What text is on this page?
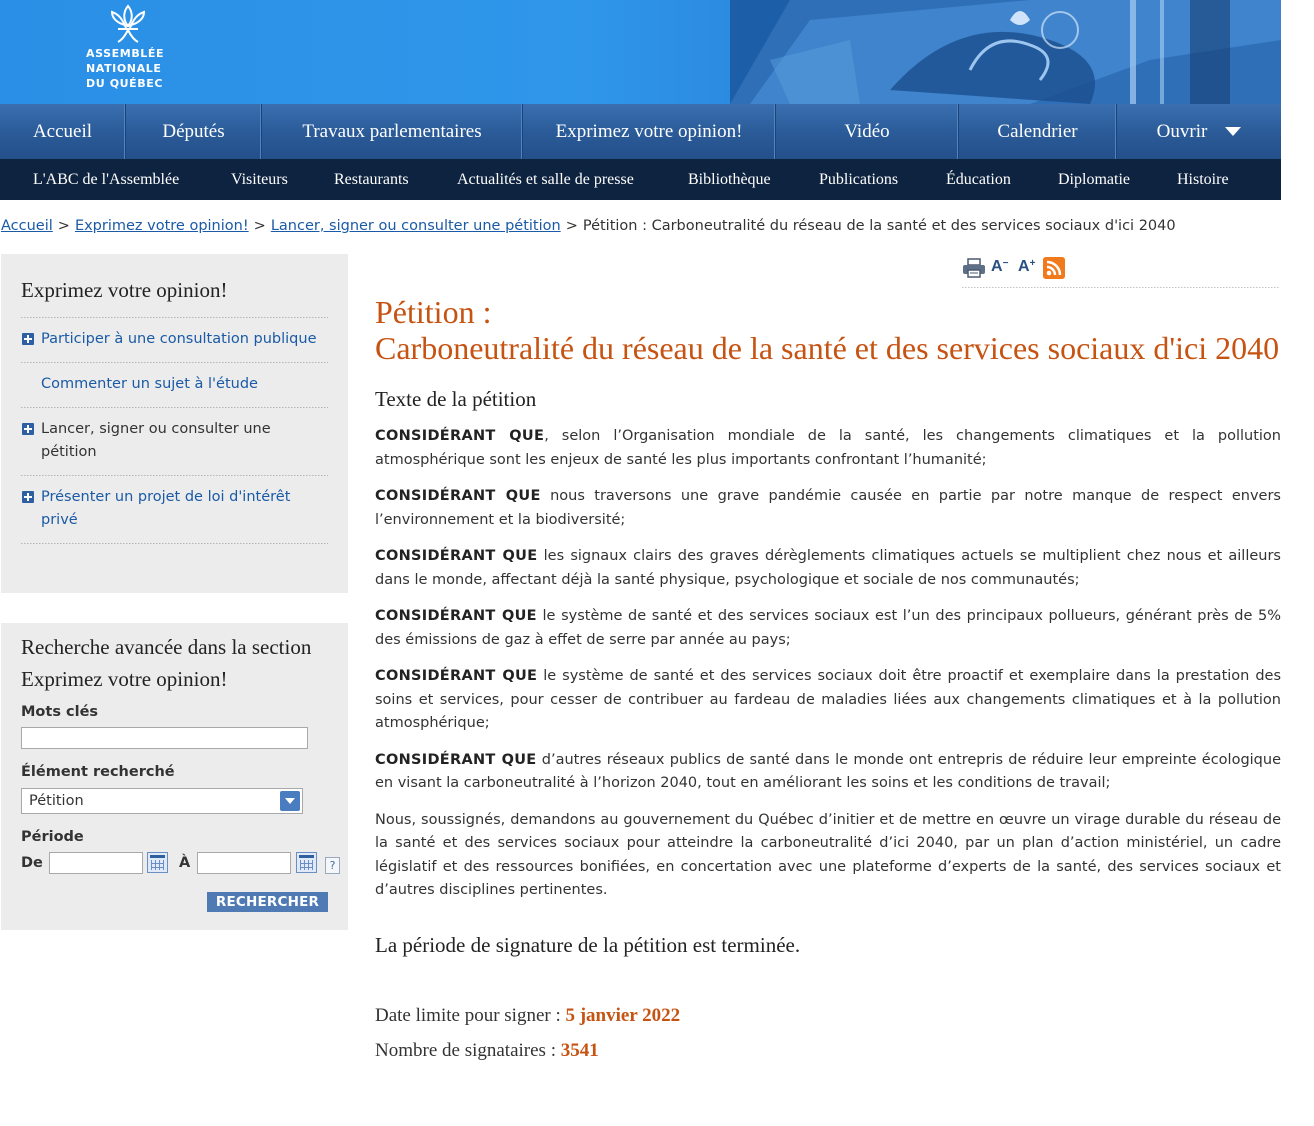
ASSEMBLÉE
NATIONALE
DU QUÉBEC
Accueil	Députés	Travaux parlementaires	Exprimez votre opinion!	Vidéo	Calendrier	Ouvrir
L'ABC de l'Assemblée	Visiteurs	Restaurants	Actualités et salle de presse	Bibliothèque	Publications	Éducation	Diplomatie	Histoire
Accueil > Exprimez votre opinion! > Lancer, signer ou consulter une pétition > Pétition : Carboneutralité du réseau de la santé et des services sociaux d'ici 2040
Exprimez votre opinion!
Participer à une consultation publique
Commenter un sujet à l'étude
Lancer, signer ou consulter une pétition
Présenter un projet de loi d'intérêt privé
Recherche avancée dans la section Exprimez votre opinion!
Mots clés
Élément recherché
Pétition
Période
De	À	?
RECHERCHER
A− A+
Pétition :
Carboneutralité du réseau de la santé et des services sociaux d'ici 2040
Texte de la pétition

CONSIDÉRANT QUE, selon l’Organisation mondiale de la santé, les changements climatiques et la pollution atmosphérique sont les enjeux de santé les plus importants confrontant l’humanité;

CONSIDÉRANT QUE nous traversons une grave pandémie causée en partie par notre manque de respect envers l’environnement et la biodiversité;

CONSIDÉRANT QUE les signaux clairs des graves dérèglements climatiques actuels se multiplient chez nous et ailleurs dans le monde, affectant déjà la santé physique, psychologique et sociale de nos communautés;

CONSIDÉRANT QUE le système de santé et des services sociaux est l’un des principaux pollueurs, générant près de 5% des émissions de gaz à effet de serre par année au pays;

CONSIDÉRANT QUE le système de santé et des services sociaux doit être proactif et exemplaire dans la prestation des soins et services, pour cesser de contribuer au fardeau de maladies liées aux changements climatiques et à la pollution atmosphérique;

CONSIDÉRANT QUE d’autres réseaux publics de santé dans le monde ont entrepris de réduire leur empreinte écologique en visant la carboneutralité à l’horizon 2040, tout en améliorant les soins et les conditions de travail;

Nous, soussignés, demandons au gouvernement du Québec d’initier et de mettre en œuvre un virage durable du réseau de la santé et des services sociaux pour atteindre la carboneutralité d’ici 2040, par un plan d’action ministériel, un cadre législatif et des ressources bonifiées, en concertation avec une plateforme d’experts de la santé, des services sociaux et d’autres disciplines pertinentes.

La période de signature de la pétition est terminée.

Date limite pour signer : 5 janvier 2022

Nombre de signataires : 3541
